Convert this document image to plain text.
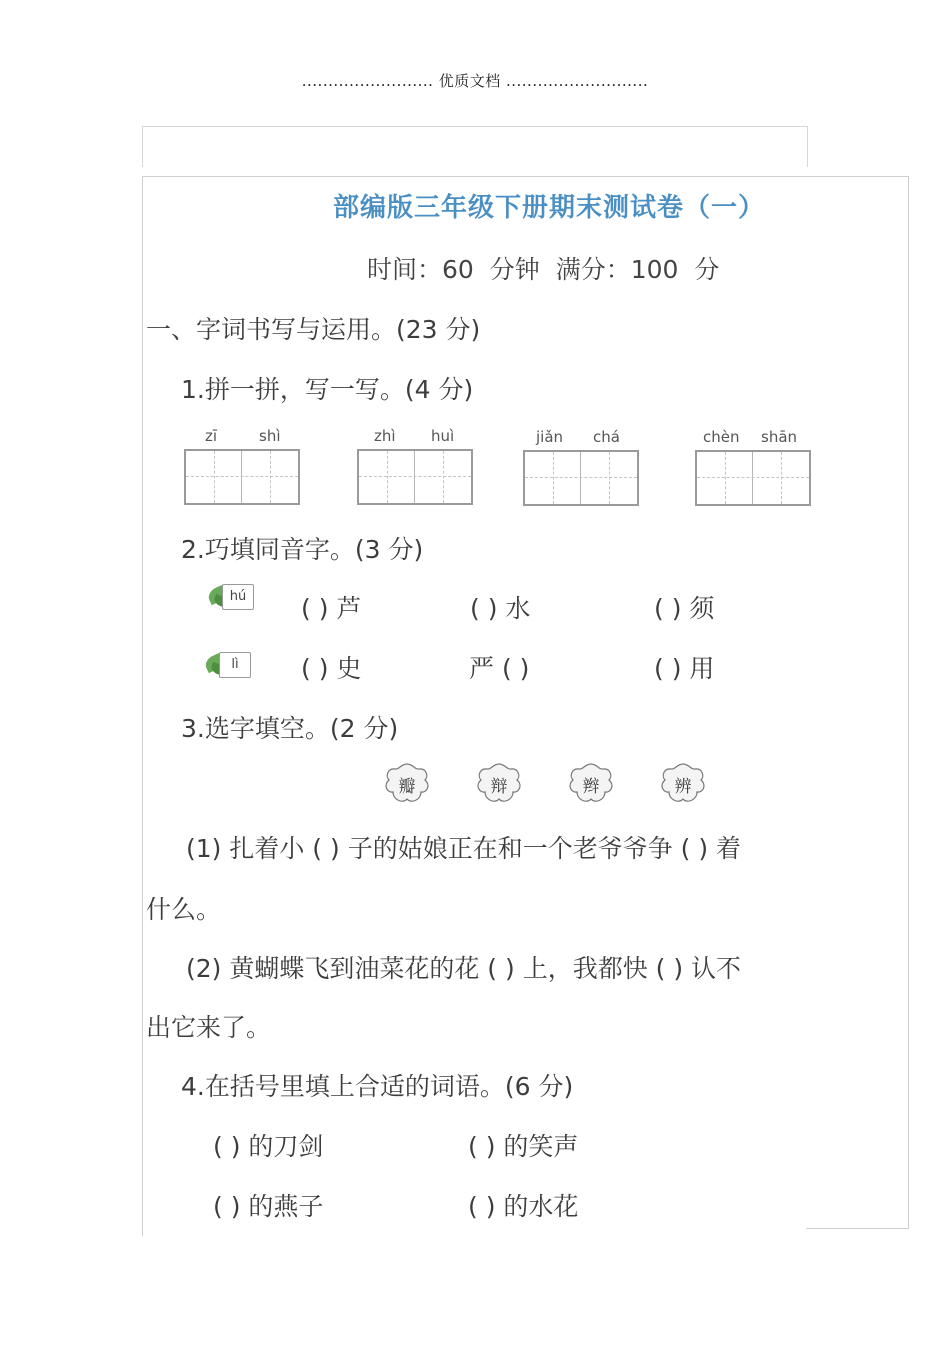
......................... 优质文档 ...........................
部编版三年级下册期末测试卷（一）
时间：60 分钟 满分：100 分
一、字词书写与运用。(23 分)
1.拼一拼，写一写。(4 分)
zī	shì	zhì huì	jiǎn chá	chèn shān
2.巧填同音字。(3 分)
hú	( ) 芦	( ) 水	( ) 须
lì	( ) 史	严 ( )	( ) 用
3.选字填空。(2 分)
瓣	辩	辫	辨
(1) 扎着小 ( ) 子的姑娘正在和一个老爷爷争 ( ) 着
什么。
(2) 黄蝴蝶飞到油菜花的花 ( ) 上，我都快 ( ) 认不
出它来了。
4.在括号里填上合适的词语。(6 分)
( ) 的刀剑	( ) 的笑声
( ) 的燕子	( ) 的水花
